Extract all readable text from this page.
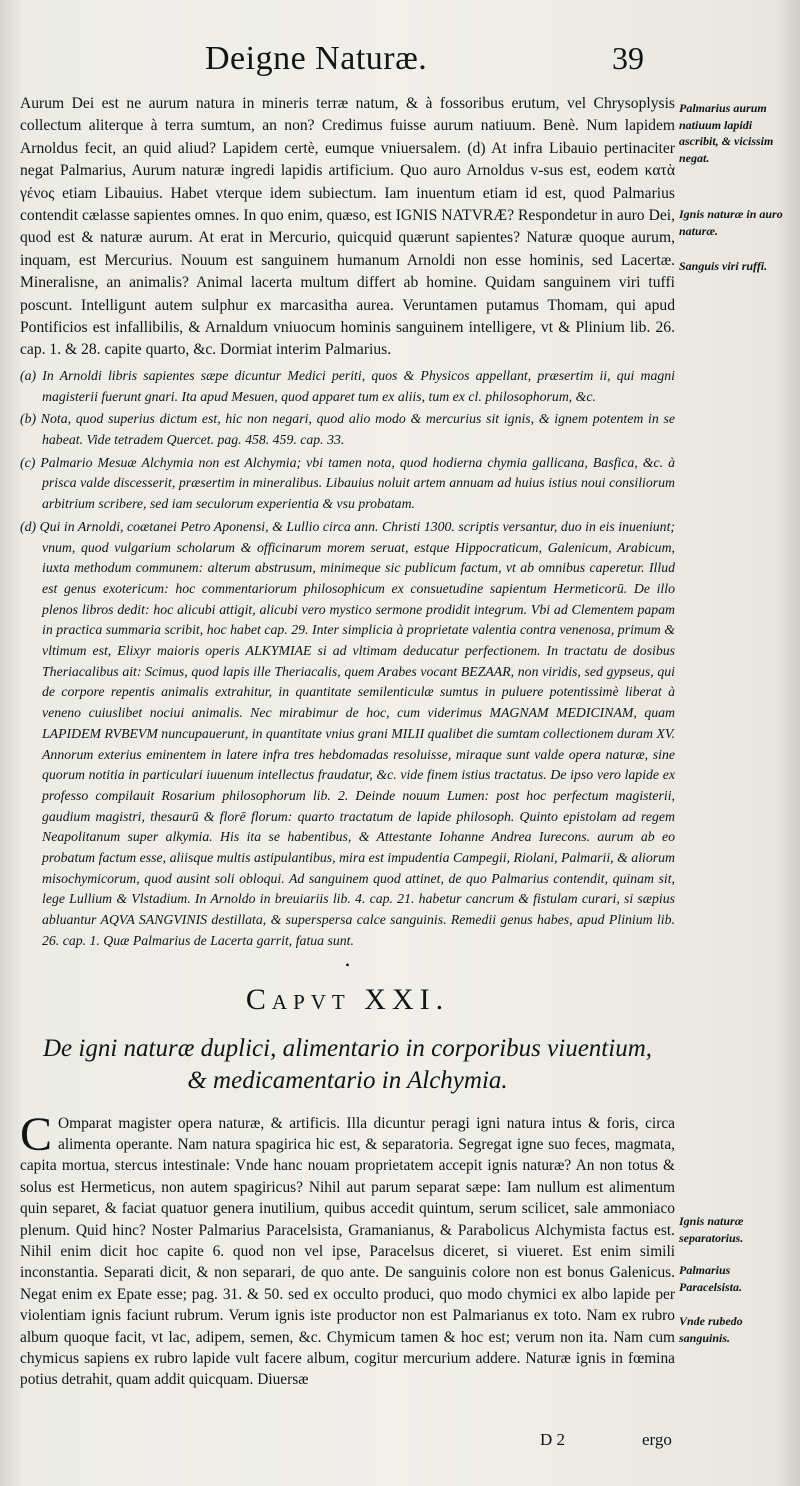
Deigne Naturæ.	39

Aurum Dei est ne aurum natura in mineris terræ natum, & à fossoribus erutum, vel Chrysoplysis collectum aliterque à terra sumtum, an non? Credimus fuisse aurum natiuum. Benè. Num lapidem Arnoldus fecit, an quid aliud? Lapidem certè, eumque vniuersalem. (d) At infra Libauio pertinaciter negat Palmarius, Aurum naturæ ingredi lapidis artificium. Quo auro Arnoldus v-sus est, eodem κατὰ γένος etiam Libauius. Habet vterque idem subiectum. Iam inuentum etiam id est, quod Palmarius contendit cælasse sapientes omnes. In quo enim, quæso, est IGNIS NATVRÆ? Respondetur in auro Dei, quod est & naturæ aurum. At erat in Mercurio, quicquid quærunt sapientes? Naturæ quoque aurum, inquam, est Mercurius. Nouum est sanguinem humanum Arnoldi non esse hominis, sed Lacertæ. Mineralisne, an animalis? Animal lacerta multum differt ab homine. Quidam sanguinem viri tuffi poscunt. Intelligunt autem sulphur ex marcasitha aurea. Veruntamen putamus Thomam, qui apud Pontificios est infallibilis, & Arnaldum vniuocum hominis sanguinem intelligere, vt & Plinium lib. 26. cap. 1. & 28. capite quarto, &c. Dormiat interim Palmarius.

(a) In Arnoldi libris sapientes sæpe dicuntur Medici periti, quos & Physicos appellant, præsertim ii, qui magni magisterii fuerunt gnari. Ita apud Mesuen, quod apparet tum ex aliis, tum ex cl. philosophorum, &c.

(b) Nota, quod superius dictum est, hic non negari, quod alio modo & mercurius sit ignis, & ignem potentem in se habeat. Vide tetradem Quercet. pag. 458. 459. cap. 33.

(c) Palmario Mesuæ Alchymia non est Alchymia; vbi tamen nota, quod hodierna chymia gallicana, Basfica, &c. à prisca valde discesserit, præsertim in mineralibus. Libauius noluit artem annuam ad huius istius noui consiliorum arbitrium scribere, sed iam seculorum experientia & vsu probatam.

(d) Qui in Arnoldi, coætanei Petro Aponensi, & Lullio circa ann. Christi 1300. scriptis versantur, duo in eis inueniunt; vnum, quod vulgarium scholarum & officinarum morem seruat, estque Hippocraticum, Galenicum, Arabicum, iuxta methodum communem: alterum abstrusum, minimeque sic publicum factum, vt ab omnibus caperetur. Illud est genus exotericum: hoc commentariorum philosophicum ex consuetudine sapientum Hermeticorū. De illo plenos libros dedit: hoc alicubi attigit, alicubi vero mystico sermone prodidit integrum. Vbi ad Clementem papam in practica summaria scribit, hoc habet cap. 29. Inter simplicia à proprietate valentia contra venenosa, primum & vltimum est, Elixyr maioris operis ALKYMIAE si ad vltimam deducatur perfectionem. In tractatu de dosibus Theriacalibus ait: Scimus, quod lapis ille Theriacalis, quem Arabes vocant BEZAAR, non viridis, sed gypseus, qui de corpore repentis animalis extrahitur, in quantitate semilenticulæ sumtus in puluere potentissimè liberat à veneno cuiuslibet nociui animalis. Nec mirabimur de hoc, cum viderimus MAGNAM MEDICINAM, quam LAPIDEM RVBEVM nuncupauerunt, in quantitate vnius grani MILII qualibet die sumtam collectionem duram XV. Annorum exterius eminentem in latere infra tres hebdomadas resoluisse, miraque sunt valde opera naturæ, sine quorum notitia in particulari iuuenum intellectus fraudatur, &c. vide finem istius tractatus. De ipso vero lapide ex professo compilauit Rosarium philosophorum lib. 2. Deinde nouum Lumen: post hoc perfectum magisterii, gaudium magistri, thesaurū & florē florum: quarto tractatum de lapide philosoph. Quinto epistolam ad regem Neapolitanum super alkymia. His ita se habentibus, & Attestante Iohanne Andrea Iurecons. aurum ab eo probatum factum esse, aliisque multis astipulantibus, mira est impudentia Campegii, Riolani, Palmarii, & aliorum misochymicorum, quod ausint soli obloqui. Ad sanguinem quod attinet, de quo Palmarius contendit, quinam sit, lege Lullium & Vlstadium. In Arnoldo in breuiariis lib. 4. cap. 21. habetur cancrum & fistulam curari, si sæpius abluantur AQVA SANGVINIS destillata, & superspersa calce sanguinis. Remedii genus habes, apud Plinium lib. 26. cap. 1. Quæ Palmarius de Lacerta garrit, fatua sunt.

•
Capvt XXI.
De igni naturæ duplici, alimentario in corporibus viuentium,
& medicamentario in Alchymia.

C Omparat magister opera naturæ, & artificis. Illa dicuntur peragi igni natura intus & foris, circa alimenta operante. Nam natura spagirica hic est, & separatoria. Segregat igne suo feces, magmata, capita mortua, stercus intestinale: Vnde hanc nouam proprietatem accepit ignis naturæ? An non totus & solus est Hermeticus, non autem spagiricus? Nihil aut parum separat sæpe: Iam nullum est alimentum quin separet, & faciat quatuor genera inutilium, quibus accedit quintum, serum scilicet, sale ammoniaco plenum. Quid hinc? Noster Palmarius Paracelsista, Gramanianus, & Parabolicus Alchymista factus est. Nihil enim dicit hoc capite 6. quod non vel ipse, Paracelsus diceret, si viueret. Est enim simili inconstantia. Separati dicit, & non separari, de quo ante. De sanguinis colore non est bonus Galenicus. Negat enim ex Epate esse; pag. 31. & 50. sed ex occulto produci, quo modo chymici ex albo lapide per violentiam ignis faciunt rubrum. Verum ignis iste productor non est Palmarianus ex toto. Nam ex rubro album quoque facit, vt lac, adipem, semen, &c. Chymicum tamen & hoc est; verum non ita. Nam cum chymicus sapiens ex rubro lapide vult facere album, cogitur mercurium addere. Naturæ ignis in fœmina potius detrahit, quam addit quicquam. Diuersæ

Palmarius aurum natiuum lapidi ascribit, & vicissim negat.
Ignis naturæ in auro naturæ.
Sanguis viri ruffi.
Ignis naturæ separatorius.
Palmarius Paracelsista.
Vnde rubedo sanguinis.
D 2	ergo
